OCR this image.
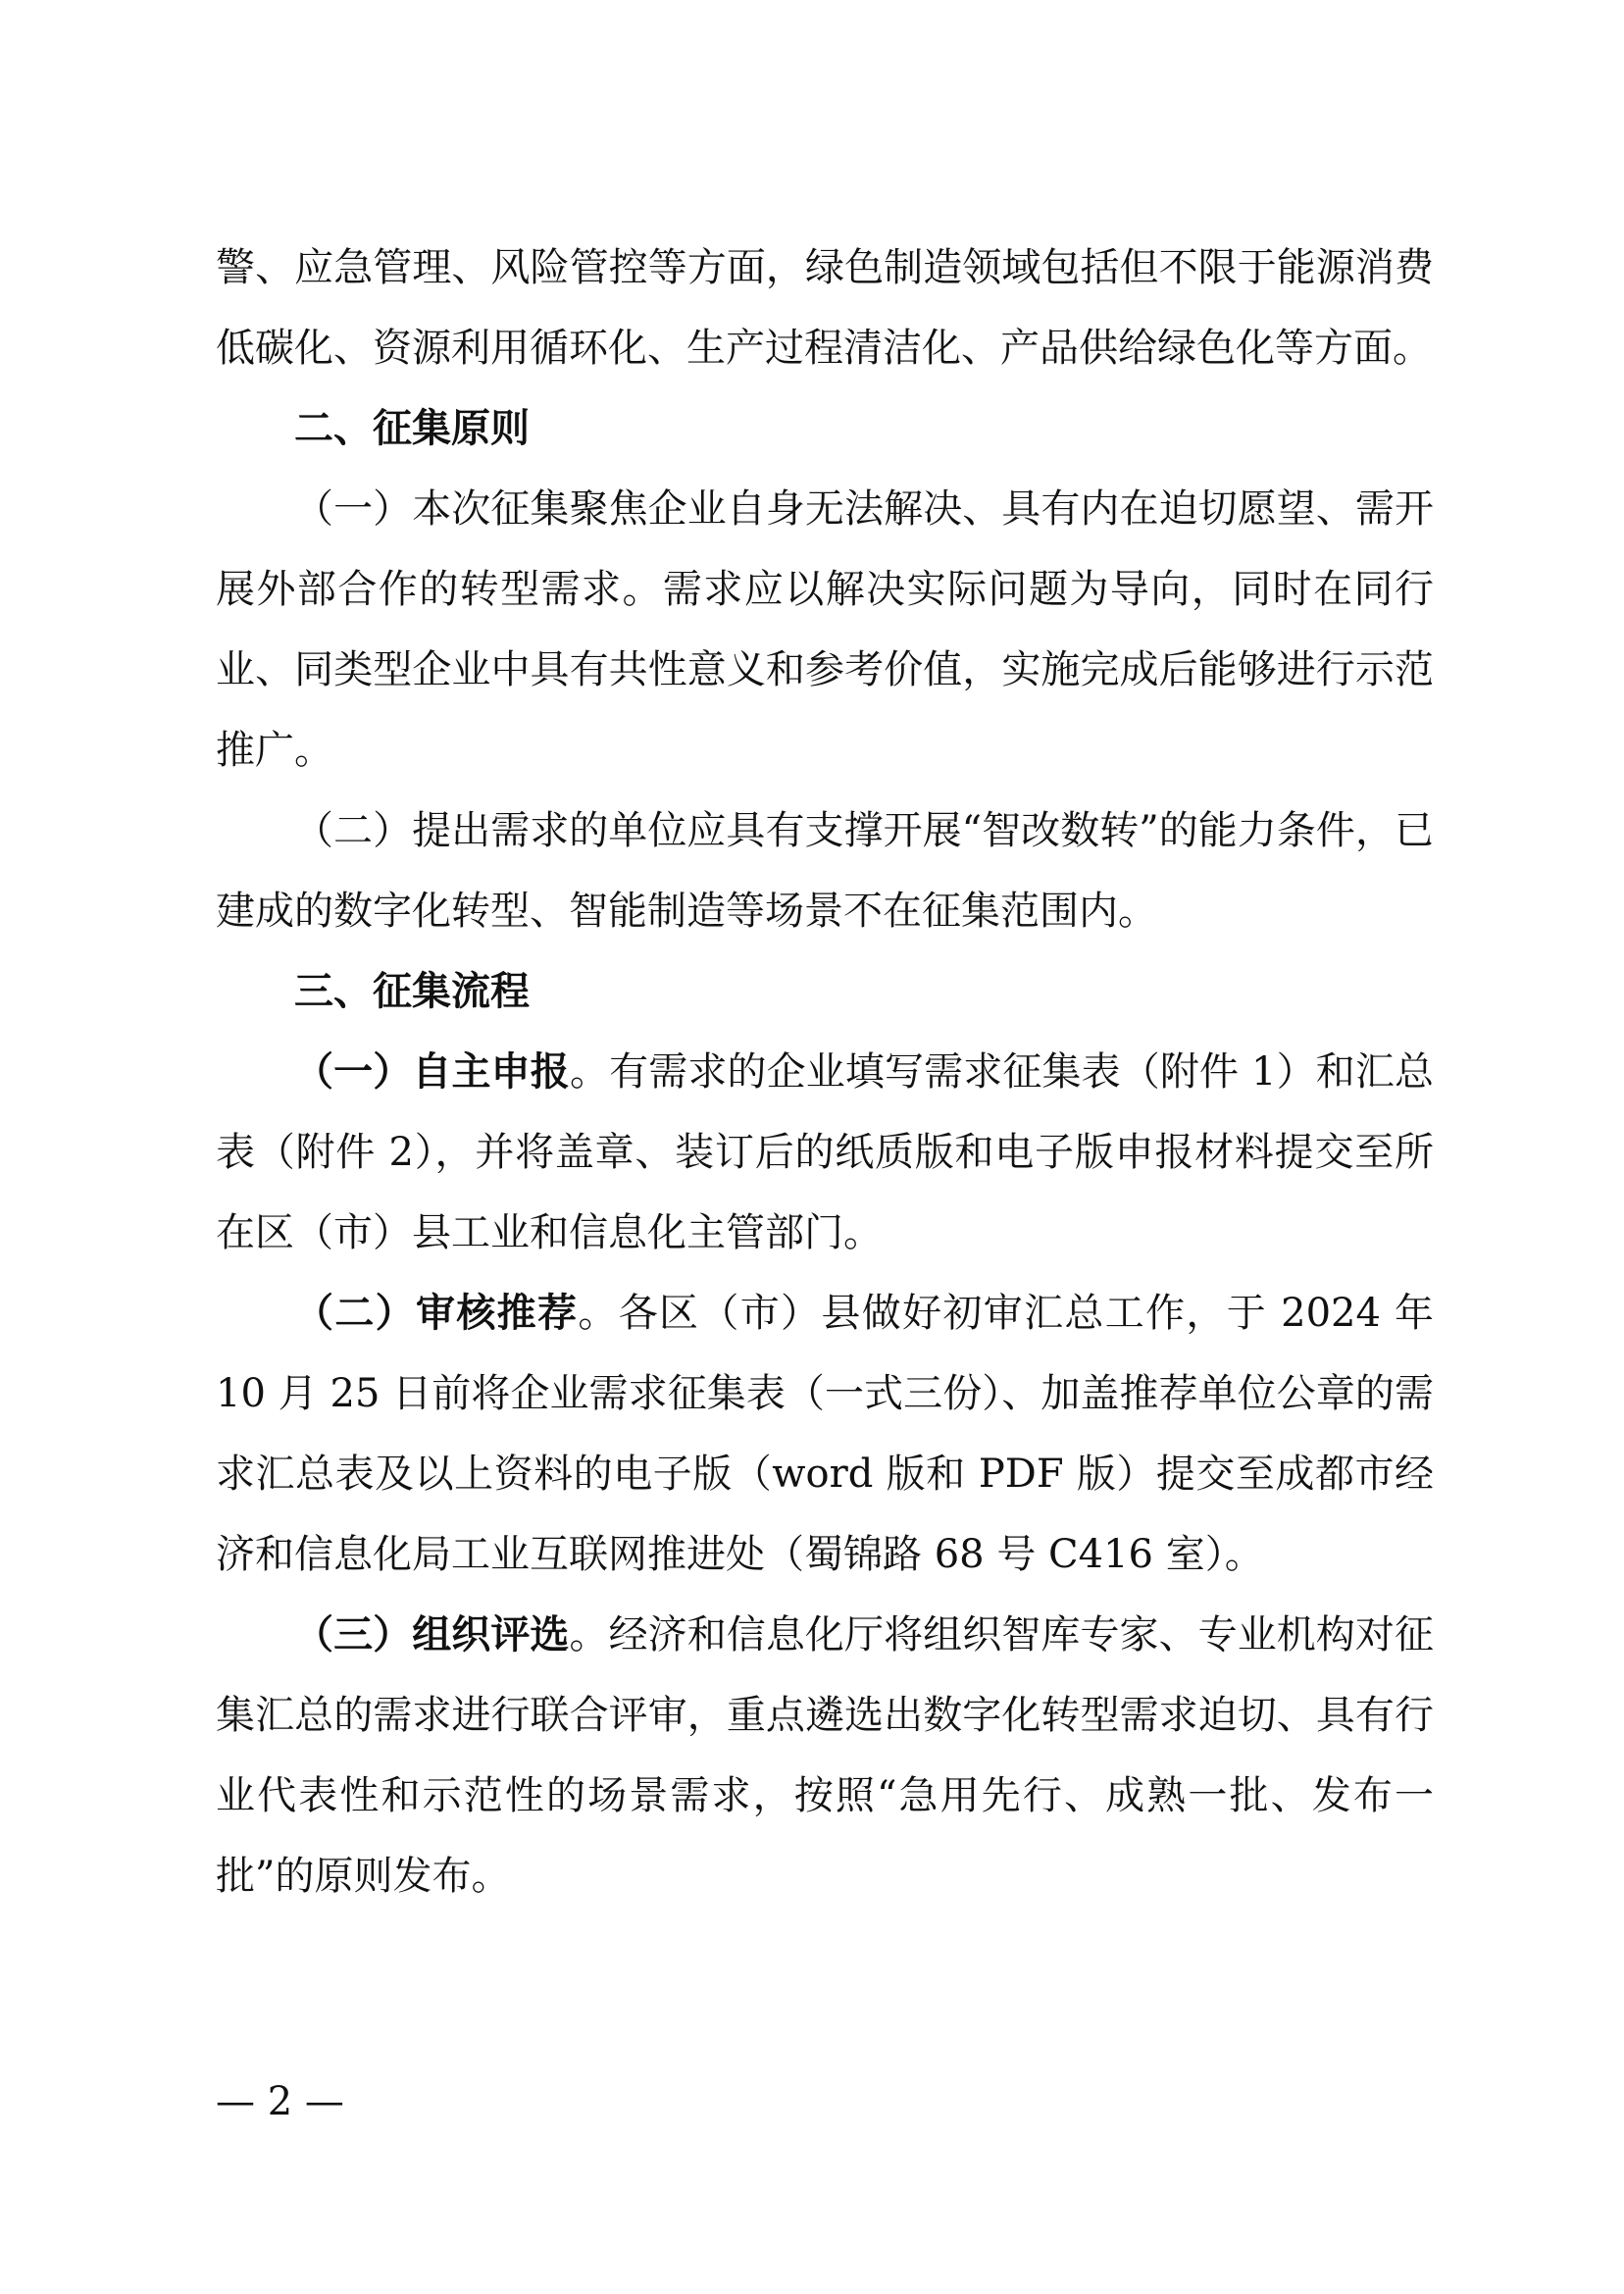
警、应急管理、风险管控等方面，绿色制造领域包括但不限于能源消费低碳化、资源利用循环化、生产过程清洁化、产品供给绿色化等方面。

二、征集原则

（一）本次征集聚焦企业自身无法解决、具有内在迫切愿望、需开展外部合作的转型需求。需求应以解决实际问题为导向，同时在同行业、同类型企业中具有共性意义和参考价值，实施完成后能够进行示范推广。

（二）提出需求的单位应具有支撑开展“智改数转”的能力条件，已建成的数字化转型、智能制造等场景不在征集范围内。

三、征集流程

（一）自主申报。有需求的企业填写需求征集表（附件 1）和汇总表（附件 2），并将盖章、装订后的纸质版和电子版申报材料提交至所在区（市）县工业和信息化主管部门。

（二）审核推荐。各区（市）县做好初审汇总工作，于 2024 年 10 月 25 日前将企业需求征集表（一式三份）、加盖推荐单位公章的需求汇总表及以上资料的电子版（word 版和 PDF 版）提交至成都市经济和信息化局工业互联网推进处（蜀锦路 68 号 C416 室）。

（三）组织评选。经济和信息化厅将组织智库专家、专业机构对征集汇总的需求进行联合评审，重点遴选出数字化转型需求迫切、具有行业代表性和示范性的场景需求，按照“急用先行、成熟一批、发布一批”的原则发布。

— 2 —
